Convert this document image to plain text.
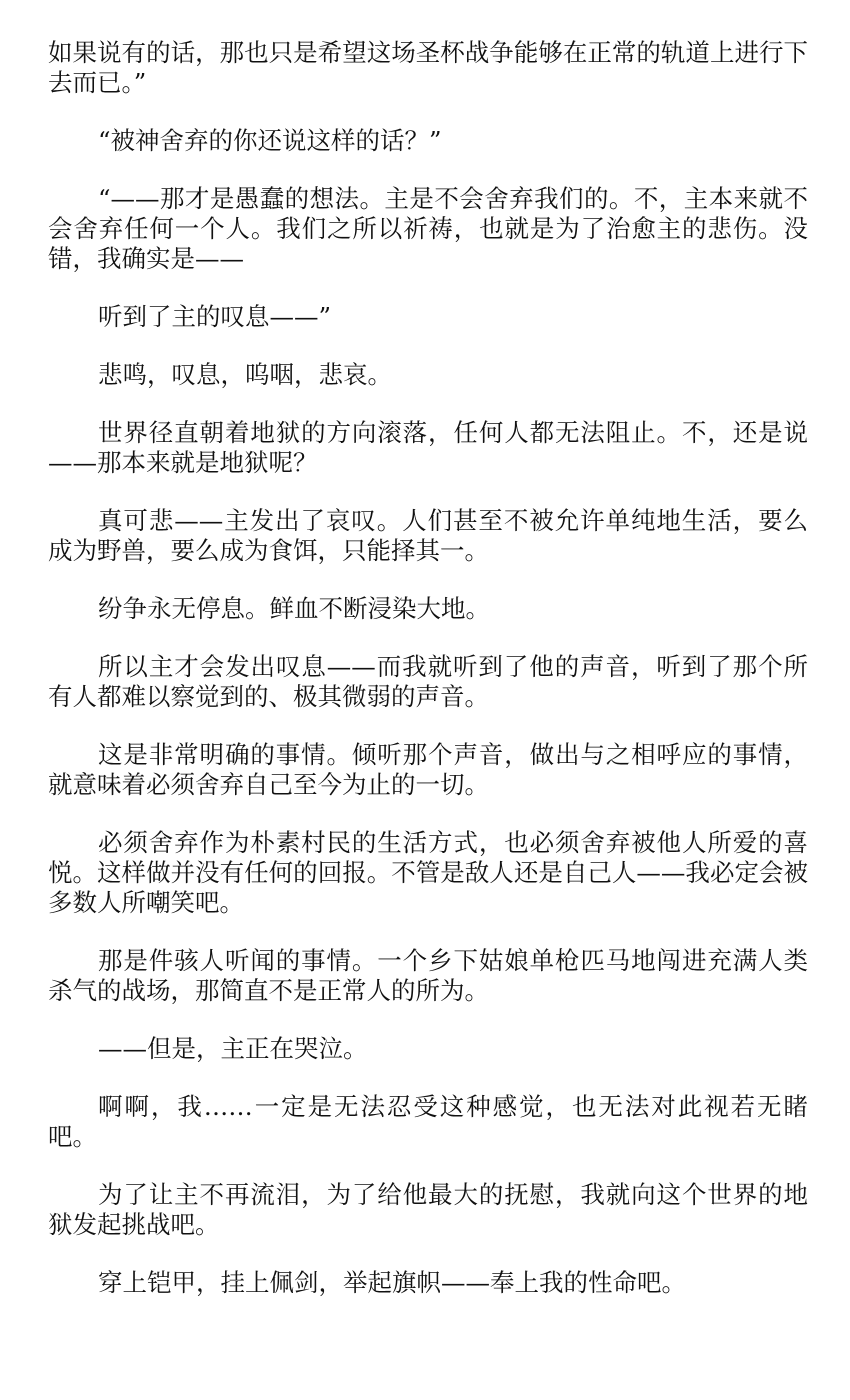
如果说有的话，那也只是希望这场圣杯战争能够在正常的轨道上进行下去而已。”

“被神舍弃的你还说这样的话？”

“——那才是愚蠢的想法。主是不会舍弃我们的。不，主本来就不会舍弃任何一个人。我们之所以祈祷，也就是为了治愈主的悲伤。没错，我确实是——

听到了主的叹息——”

悲鸣，叹息，呜咽，悲哀。

世界径直朝着地狱的方向滚落，任何人都无法阻止。不，还是说——那本来就是地狱呢？

真可悲——主发出了哀叹。人们甚至不被允许单纯地生活，要么成为野兽，要么成为食饵，只能择其一。

纷争永无停息。鲜血不断浸染大地。

所以主才会发出叹息——而我就听到了他的声音，听到了那个所有人都难以察觉到的、极其微弱的声音。

这是非常明确的事情。倾听那个声音，做出与之相呼应的事情，就意味着必须舍弃自己至今为止的一切。

必须舍弃作为朴素村民的生活方式，也必须舍弃被他人所爱的喜悦。这样做并没有任何的回报。不管是敌人还是自己人——我必定会被多数人所嘲笑吧。

那是件骇人听闻的事情。一个乡下姑娘单枪匹马地闯进充满人类杀气的战场，那简直不是正常人的所为。

——但是，主正在哭泣。

啊啊，我……一定是无法忍受这种感觉，也无法对此视若无睹吧。

为了让主不再流泪，为了给他最大的抚慰，我就向这个世界的地狱发起挑战吧。

穿上铠甲，挂上佩剑，举起旗帜——奉上我的性命吧。
